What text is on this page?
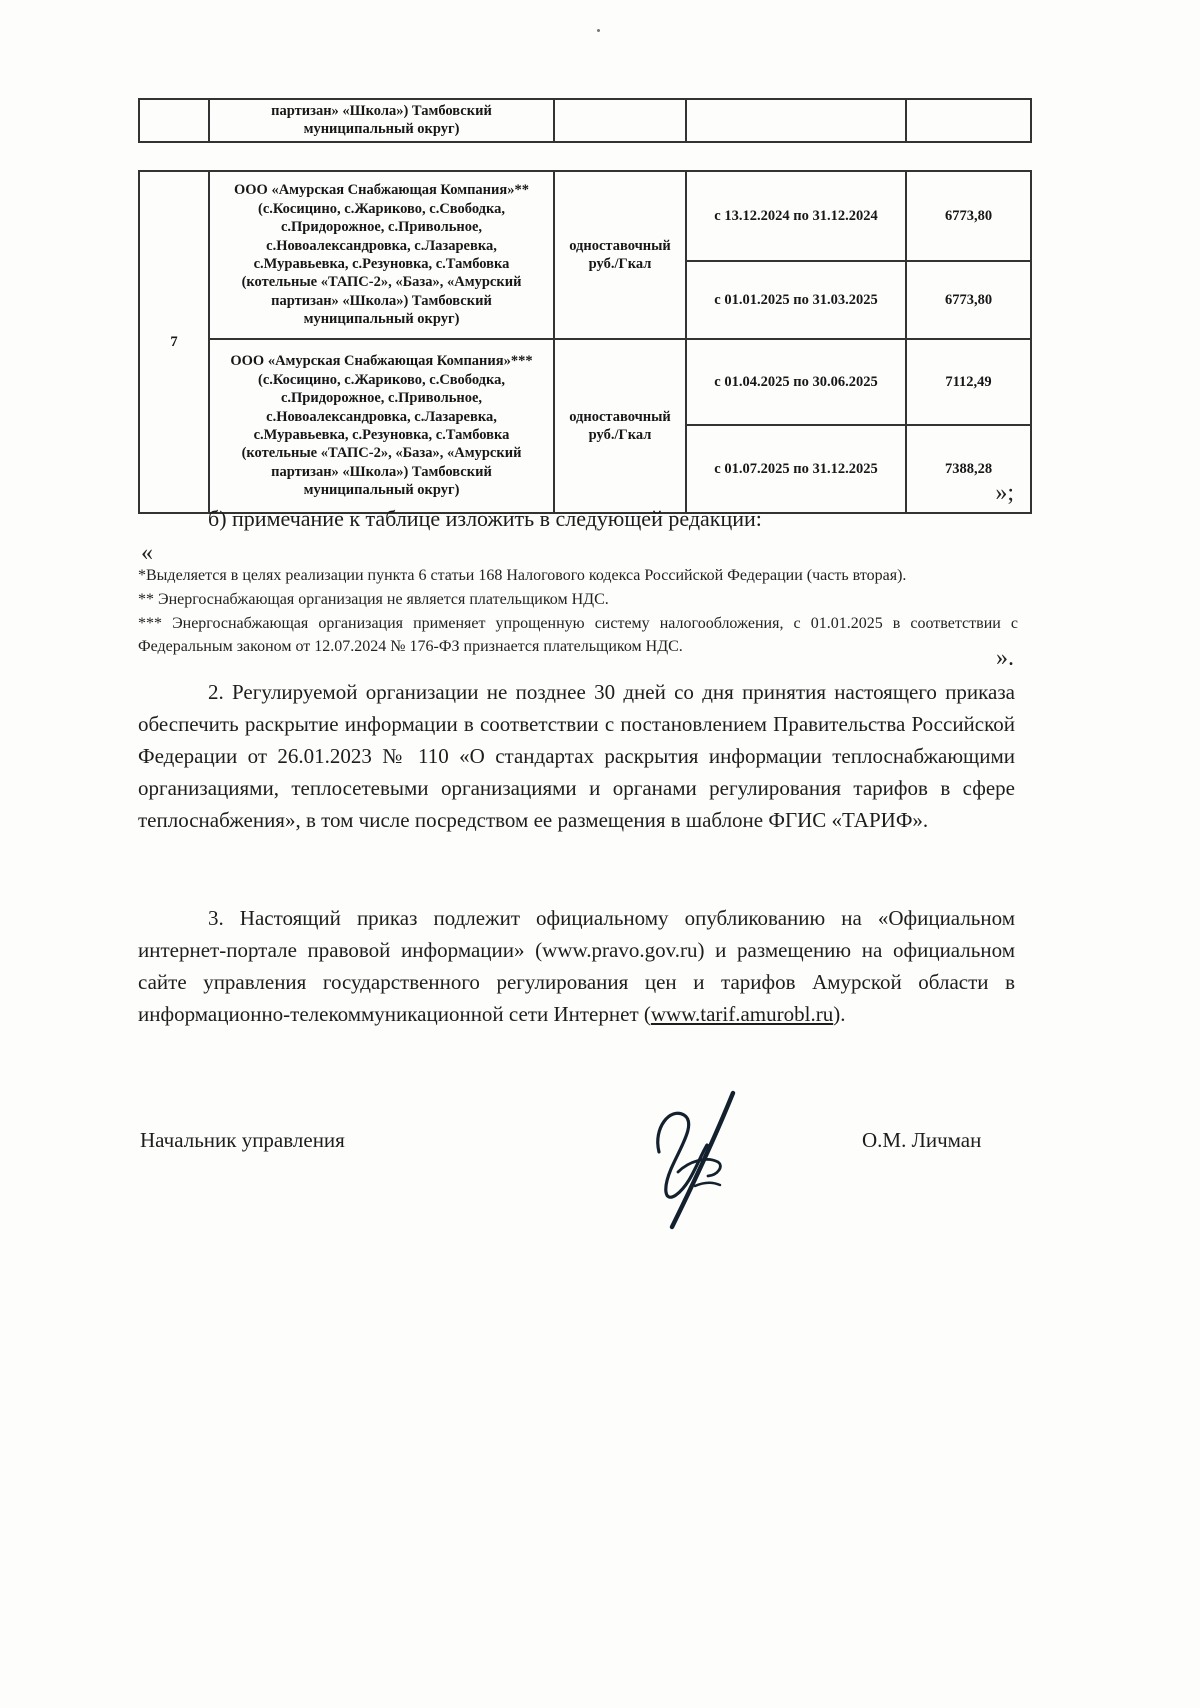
	партизан» «Школа») Тамбовский муниципальный округ)			
7	ООО «Амурская Снабжающая Компания»** (с.Косицино, с.Жариково, с.Свободка, с.Придорожное, с.Привольное, с.Новоалександровка, с.Лазаревка, с.Муравьевка, с.Резуновка, с.Тамбовка (котельные «ТАПС-2», «База», «Амурский партизан» «Школа») Тамбовский муниципальный округ)	одноставочный руб./Гкал	с 13.12.2024 по 31.12.2024	6773,80
			с 01.01.2025 по 31.03.2025	6773,80
	ООО «Амурская Снабжающая Компания»***(с.Косицино, с.Жариково, с.Свободка, с.Придорожное, с.Привольное, с.Новоалександровка, с.Лазаревка, с.Муравьевка, с.Резуновка, с.Тамбовка (котельные «ТАПС-2», «База», «Амурский партизан» «Школа») Тамбовский муниципальный округ)	одноставочный руб./Гкал	с 01.04.2025 по 30.06.2025	7112,49
			с 01.07.2025 по 31.12.2025	7388,28
»;

б) примечание к таблице изложить в следующей редакции:

«

*Выделяется в целях реализации пункта 6 статьи 168 Налогового кодекса Российской Федерации (часть вторая).

** Энергоснабжающая организация не является плательщиком НДС.

*** Энергоснабжающая организация применяет упрощенную систему налогообложения, с 01.01.2025 в соответствии с Федеральным законом от 12.07.2024 № 176-ФЗ признается плательщиком НДС.	».

2. Регулируемой организации не позднее 30 дней со дня принятия настоящего приказа обеспечить раскрытие информации в соответствии с постановлением Правительства Российской Федерации от 26.01.2023 № 110 «О стандартах раскрытия информации теплоснабжающими организациями, теплосетевыми организациями и органами регулирования тарифов в сфере теплоснабжения», в том числе посредством ее размещения в шаблоне ФГИС «ТАРИФ».

3. Настоящий приказ подлежит официальному опубликованию на «Официальном интернет-портале правовой информации» (www.pravo.gov.ru) и размещению на официальном сайте управления государственного регулирования цен и тарифов Амурской области в информационно-телекоммуникационной сети Интернет (www.tarif.amurobl.ru).

Начальник управления	О.М. Личман
